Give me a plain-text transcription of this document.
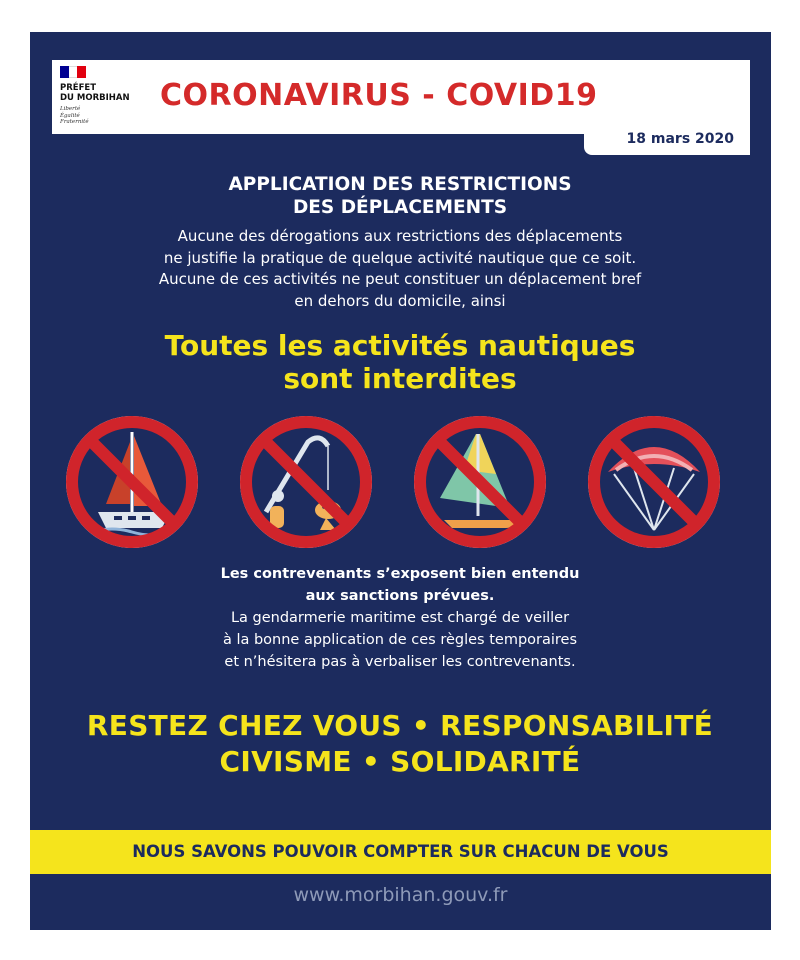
PRÉFET
DU MORBIHAN
Liberté
Égalité
Fraternité
CORONAVIRUS - COVID19
18 mars 2020
APPLICATION DES RESTRICTIONS
DES DÉPLACEMENTS
Aucune des dérogations aux restrictions des déplacements
ne justifie la pratique de quelque activité nautique que ce soit.
Aucune de ces activités ne peut constituer un déplacement bref
en dehors du domicile, ainsi
Toutes les activités nautiques
sont interdites
Les contrevenants s’exposent bien entendu
aux sanctions prévues.
La gendarmerie maritime est chargé de veiller
à la bonne application de ces règles temporaires
et n’hésitera pas à verbaliser les contrevenants.
RESTEZ CHEZ VOUS • RESPONSABILITÉ
CIVISME • SOLIDARITÉ
NOUS SAVONS POUVOIR COMPTER SUR CHACUN DE VOUS
www.morbihan.gouv.fr
